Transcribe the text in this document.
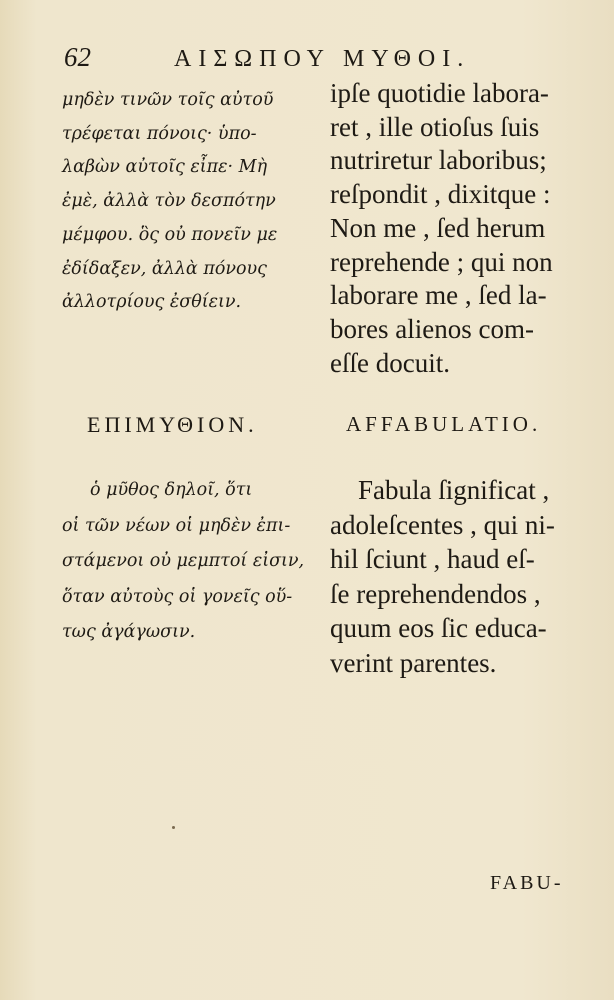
62	ΑΙΣΩΠΟΥ ΜΥΘΟΙ.
μηδὲν τινῶν τοῖς αὐτοῦ
τρέφεται πόνοις· ὑπο-
λαβὼν αὐτοῖς εἶπε· Μὴ
ἐμὲ, ἀλλὰ τὸν δεσπότην
μέμφου. ὃς οὐ πονεῖν με
ἐδίδαξεν, ἀλλὰ πόνους
ἀλλοτρίους ἐσθίειν.
ipſe quotidie labora-
ret , ille otioſus ſuis
nutriretur laboribus;
reſpondit , dixitque :
Non me , ſed herum
reprehende ; qui non
laborare me , ſed la-
bores alienos com-
eſſe docuit.
ΕΠΙΜΥΘΙΟΝ.	AFFABULATIO.
ὁ μῦθος δηλοῖ, ὅτι
οἱ τῶν νέων οἱ μηδὲν ἐπι-
στάμενοι οὐ μεμπτοί εἰσιν,
ὅταν αὐτοὺς οἱ γονεῖς οὕ-
τως ἀγάγωσιν.
Fabula ſignificat ,
adoleſcentes , qui ni-
hil ſciunt , haud eſ-
ſe reprehendendos ,
quum eos ſic educa-
verint parentes.
FABU-
